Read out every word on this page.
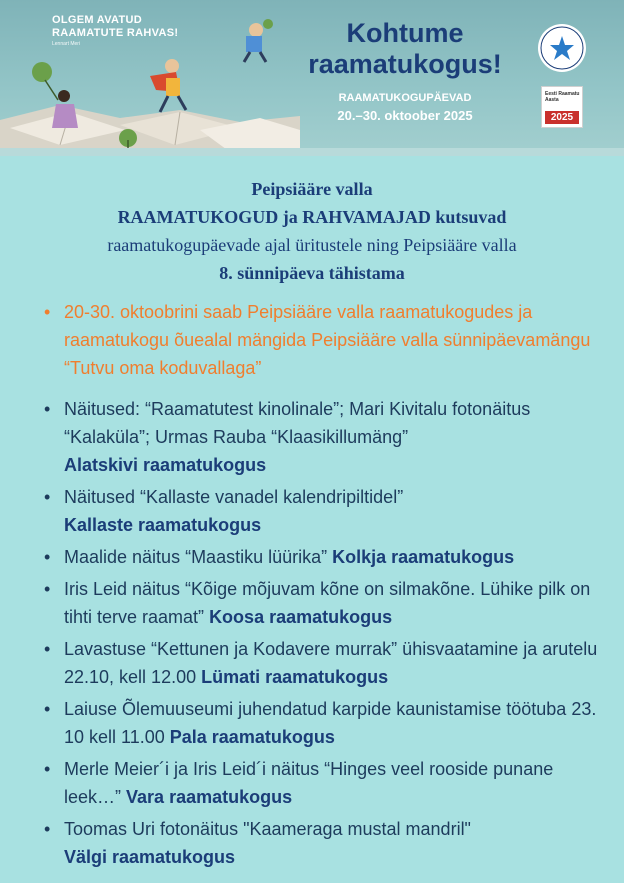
OLGEM AVATUD
RAAMATUTE RAHVAS!
Lennart Meri	Kohtume
raamatukogus!
RAAMATUKOGUPÄEVAD
20.–30. oktoober 2025
Eesti Raamatu Aasta
2025
Peipsiääre valla
RAAMATUKOGUD ja RAHVAMAJAD kutsuvad
raamatukogupäevade ajal üritustele ning Peipsiääre valla
8. sünnipäeva tähistama
• 20-30. oktoobrini saab Peipsiääre valla raamatukogudes ja raamatukogu õuealal mängida Peipsiääre valla sünnipäevamängu “Tutvu oma koduvallaga”
• Näitused: “Raamatutest kinolinale”; Mari Kivitalu fotonäitus “Kalaküla”; Urmas Rauba “Klaasikillumäng”
Alatskivi raamatukogus
• Näitused “Kallaste vanadel kalendripiltidel”
Kallaste raamatukogus
• Maalide näitus “Maastiku lüürika” Kolkja raamatukogus
• Iris Leid näitus “Kõige mõjuvam kõne on silmakõne. Lühike pilk on tihti terve raamat” Koosa raamatukogus
• Lavastuse “Kettunen ja Kodavere murrak” ühisvaatamine ja arutelu 22.10, kell 12.00 Lümati raamatukogus
• Laiuse Õlemuuseumi juhendatud karpide kaunistamise töötuba 23. 10 kell 11.00 Pala raamatukogus
• Merle Meier´i ja Iris Leid´i näitus “Hinges veel rooside punane leek…” Vara raamatukogus
• Toomas Uri fotonäitus "Kaameraga mustal mandril"
Välgi raamatukogus
